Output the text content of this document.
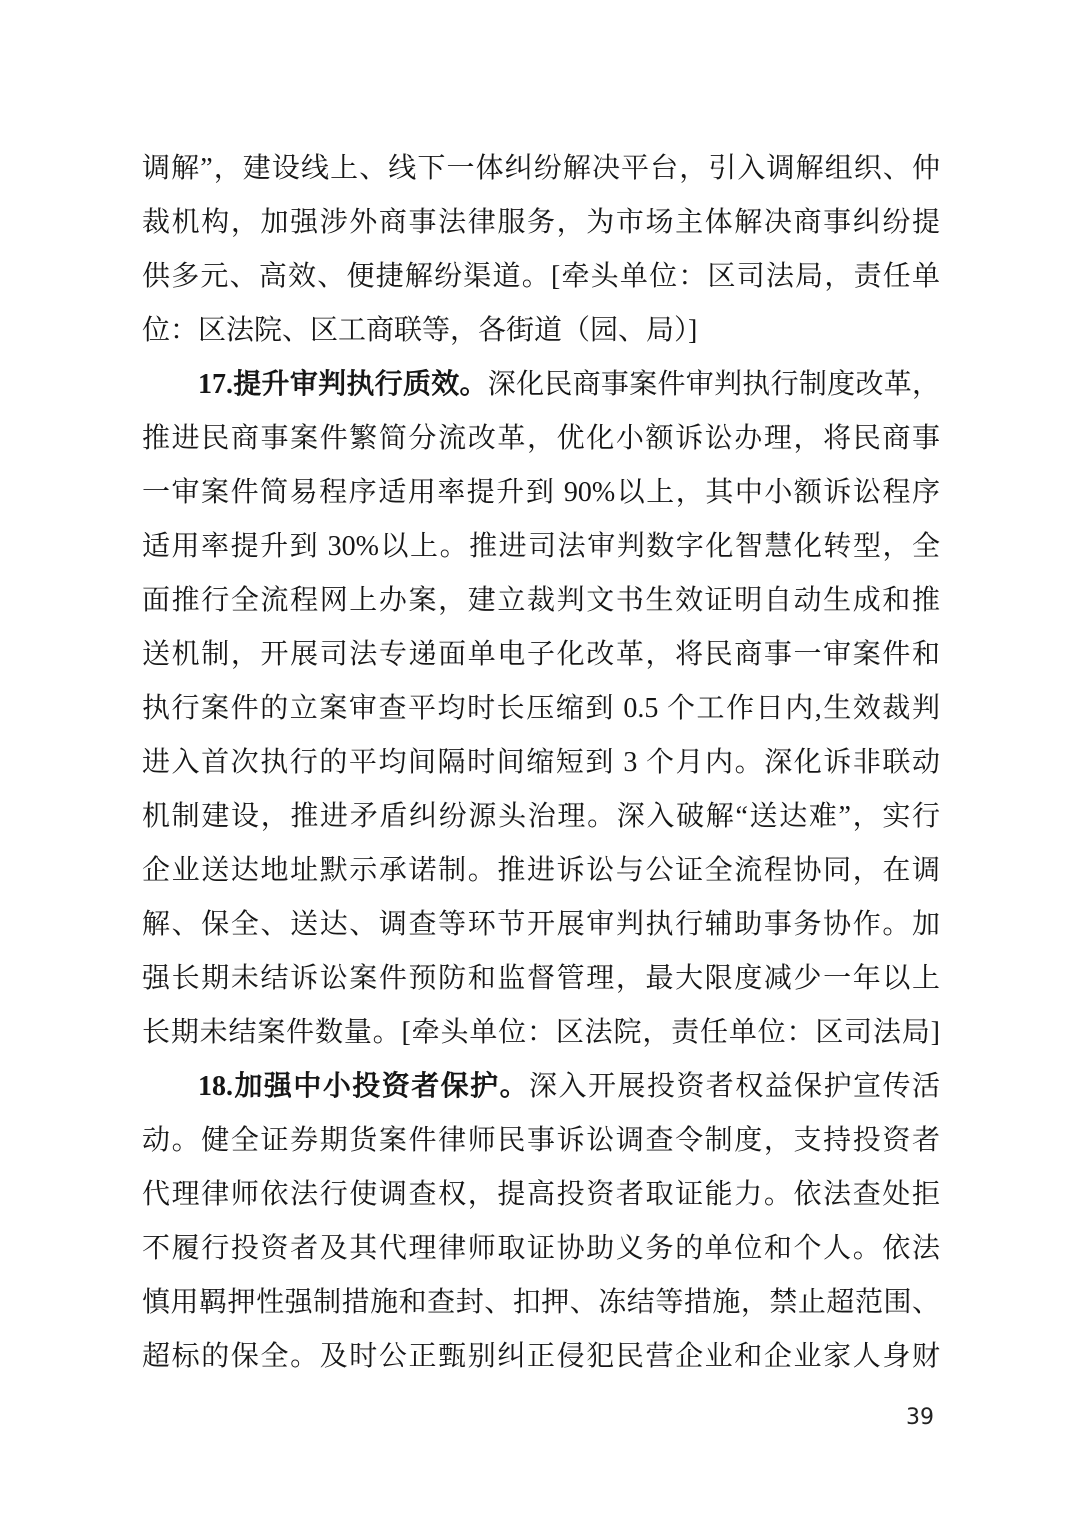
调解”，建设线上、线下一体纠纷解决平台，引入调解组织、仲
裁机构，加强涉外商事法律服务，为市场主体解决商事纠纷提
供多元、高效、便捷解纷渠道。[牵头单位：区司法局，责任单
位：区法院、区工商联等，各街道（园、局）]
17.提升审判执行质效。深化民商事案件审判执行制度改革，
推进民商事案件繁简分流改革，优化小额诉讼办理，将民商事
一审案件简易程序适用率提升到 90%以上，其中小额诉讼程序
适用率提升到 30%以上。推进司法审判数字化智慧化转型，全
面推行全流程网上办案，建立裁判文书生效证明自动生成和推
送机制，开展司法专递面单电子化改革，将民商事一审案件和
执行案件的立案审查平均时长压缩到 0.5 个工作日内,生效裁判
进入首次执行的平均间隔时间缩短到 3 个月内。深化诉非联动
机制建设，推进矛盾纠纷源头治理。深入破解“送达难”，实行
企业送达地址默示承诺制。推进诉讼与公证全流程协同，在调
解、保全、送达、调查等环节开展审判执行辅助事务协作。加
强长期未结诉讼案件预防和监督管理，最大限度减少一年以上
长期未结案件数量。[牵头单位：区法院，责任单位：区司法局]
18.加强中小投资者保护。深入开展投资者权益保护宣传活
动。健全证券期货案件律师民事诉讼调查令制度，支持投资者
代理律师依法行使调查权，提高投资者取证能力。依法查处拒
不履行投资者及其代理律师取证协助义务的单位和个人。依法
慎用羁押性强制措施和查封、扣押、冻结等措施，禁止超范围、
超标的保全。及时公正甄别纠正侵犯民营企业和企业家人身财
39
